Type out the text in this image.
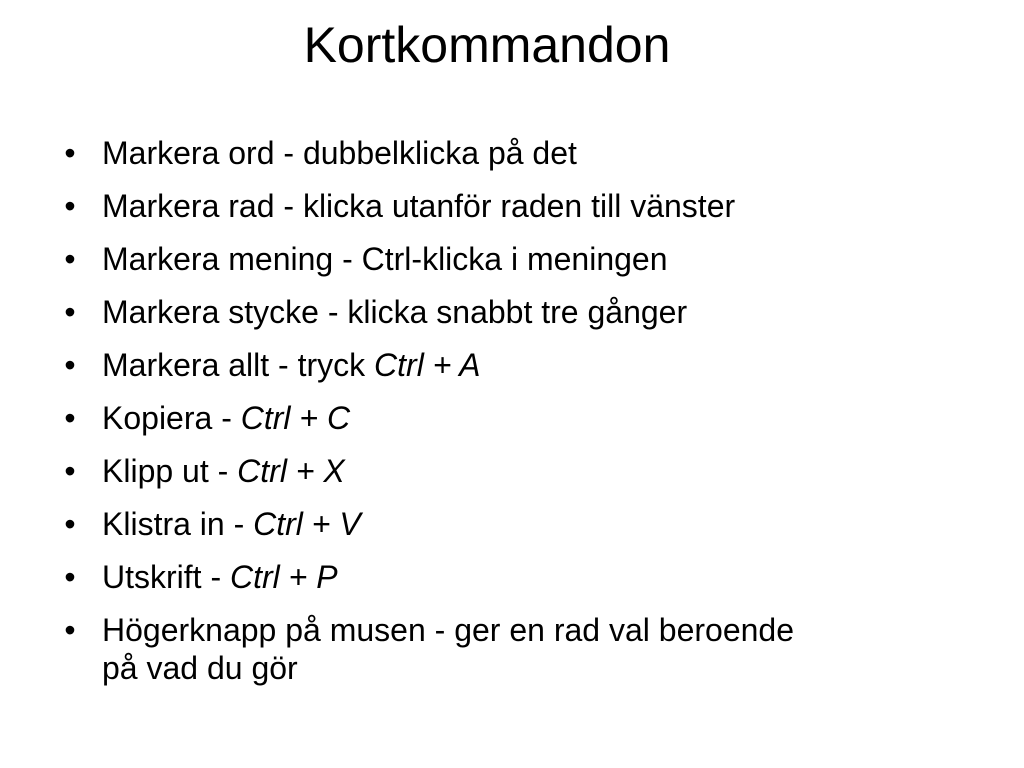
Kortkommandon
• Markera ord - dubbelklicka på det
• Markera rad - klicka utanför raden till vänster
• Markera mening - Ctrl-klicka i meningen
• Markera stycke - klicka snabbt tre gånger
• Markera allt - tryck Ctrl + A
• Kopiera - Ctrl + C
• Klipp ut - Ctrl + X
• Klistra in - Ctrl + V
• Utskrift - Ctrl + P
• Högerknapp på musen - ger en rad val beroende på vad du gör
